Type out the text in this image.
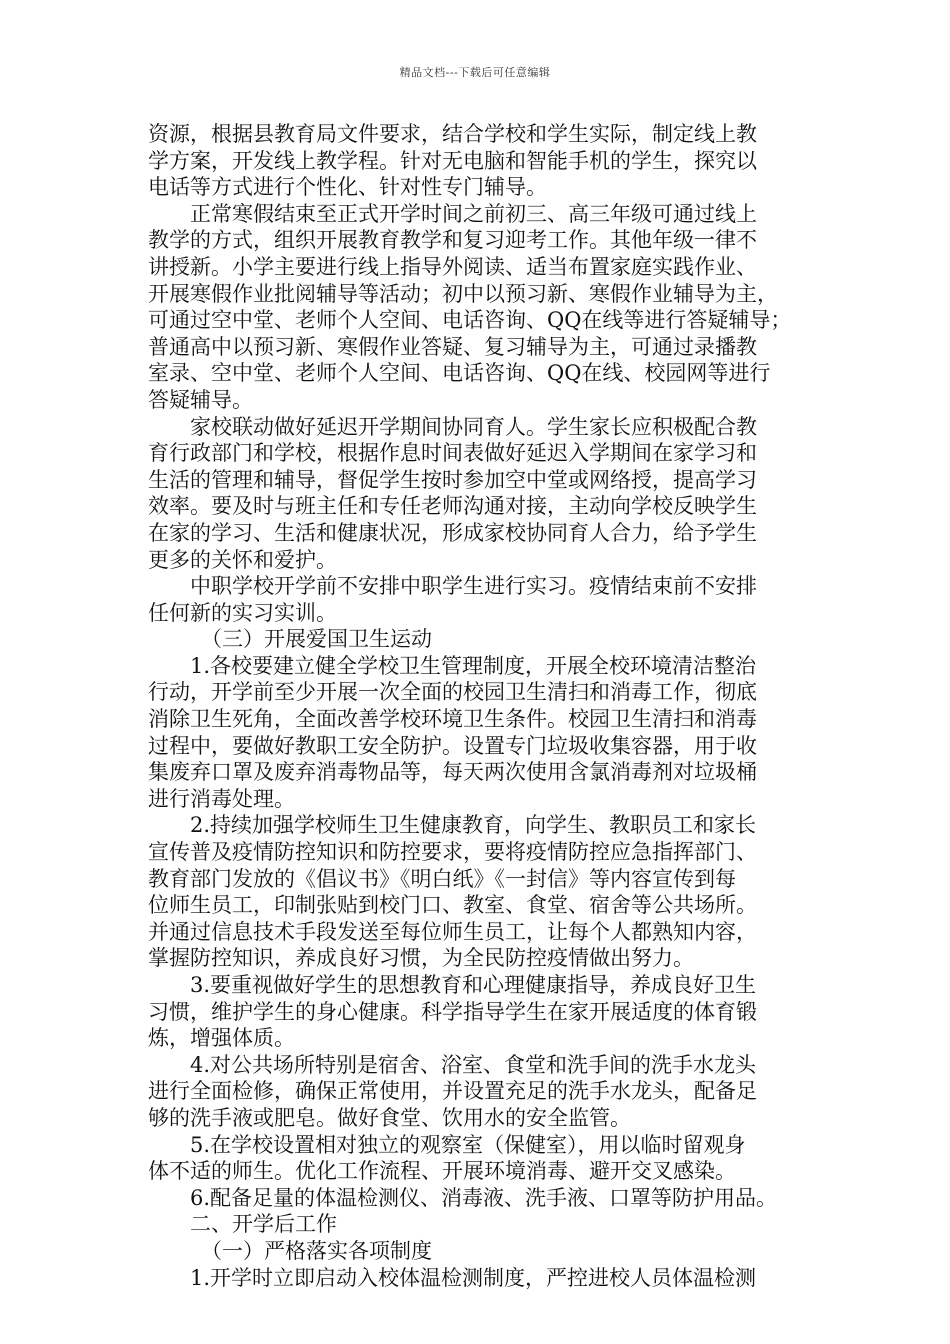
精品文档---下载后可任意编辑
资源，根据县教育局文件要求，结合学校和学生实际，制定线上教
学方案，开发线上教学程。针对无电脑和智能手机的学生，探究以
电话等方式进行个性化、针对性专门辅导。
正常寒假结束至正式开学时间之前初三、高三年级可通过线上
教学的方式，组织开展教育教学和复习迎考工作。其他年级一律不
讲授新。小学主要进行线上指导外阅读、适当布置家庭实践作业、
开展寒假作业批阅辅导等活动；初中以预习新、寒假作业辅导为主，
可通过空中堂、老师个人空间、电话咨询、QQ在线等进行答疑辅导；
普通高中以预习新、寒假作业答疑、复习辅导为主，可通过录播教
室录、空中堂、老师个人空间、电话咨询、QQ在线、校园网等进行
答疑辅导。
家校联动做好延迟开学期间协同育人。学生家长应积极配合教
育行政部门和学校，根据作息时间表做好延迟入学期间在家学习和
生活的管理和辅导，督促学生按时参加空中堂或网络授，提高学习
效率。要及时与班主任和专任老师沟通对接，主动向学校反映学生
在家的学习、生活和健康状况，形成家校协同育人合力，给予学生
更多的关怀和爱护。
中职学校开学前不安排中职学生进行实习。疫情结束前不安排
任何新的实习实训。
（三）开展爱国卫生运动
1.各校要建立健全学校卫生管理制度，开展全校环境清洁整治
行动，开学前至少开展一次全面的校园卫生清扫和消毒工作，彻底
消除卫生死角，全面改善学校环境卫生条件。校园卫生清扫和消毒
过程中，要做好教职工安全防护。设置专门垃圾收集容器，用于收
集废弃口罩及废弃消毒物品等，每天两次使用含氯消毒剂对垃圾桶
进行消毒处理。
2.持续加强学校师生卫生健康教育，向学生、教职员工和家长
宣传普及疫情防控知识和防控要求，要将疫情防控应急指挥部门、
教育部门发放的《倡议书》《明白纸》《一封信》等内容宣传到每
位师生员工，印制张贴到校门口、教室、食堂、宿舍等公共场所。
并通过信息技术手段发送至每位师生员工，让每个人都熟知内容，
掌握防控知识，养成良好习惯，为全民防控疫情做出努力。
3.要重视做好学生的思想教育和心理健康指导，养成良好卫生
习惯，维护学生的身心健康。科学指导学生在家开展适度的体育锻
炼，增强体质。
4.对公共场所特别是宿舍、浴室、食堂和洗手间的洗手水龙头
进行全面检修，确保正常使用，并设置充足的洗手水龙头，配备足
够的洗手液或肥皂。做好食堂、饮用水的安全监管。
5.在学校设置相对独立的观察室（保健室），用以临时留观身
体不适的师生。优化工作流程、开展环境消毒、避开交叉感染。
6.配备足量的体温检测仪、消毒液、洗手液、口罩等防护用品。
二、开学后工作
（一）严格落实各项制度
1.开学时立即启动入校体温检测制度，严控进校人员体温检测
